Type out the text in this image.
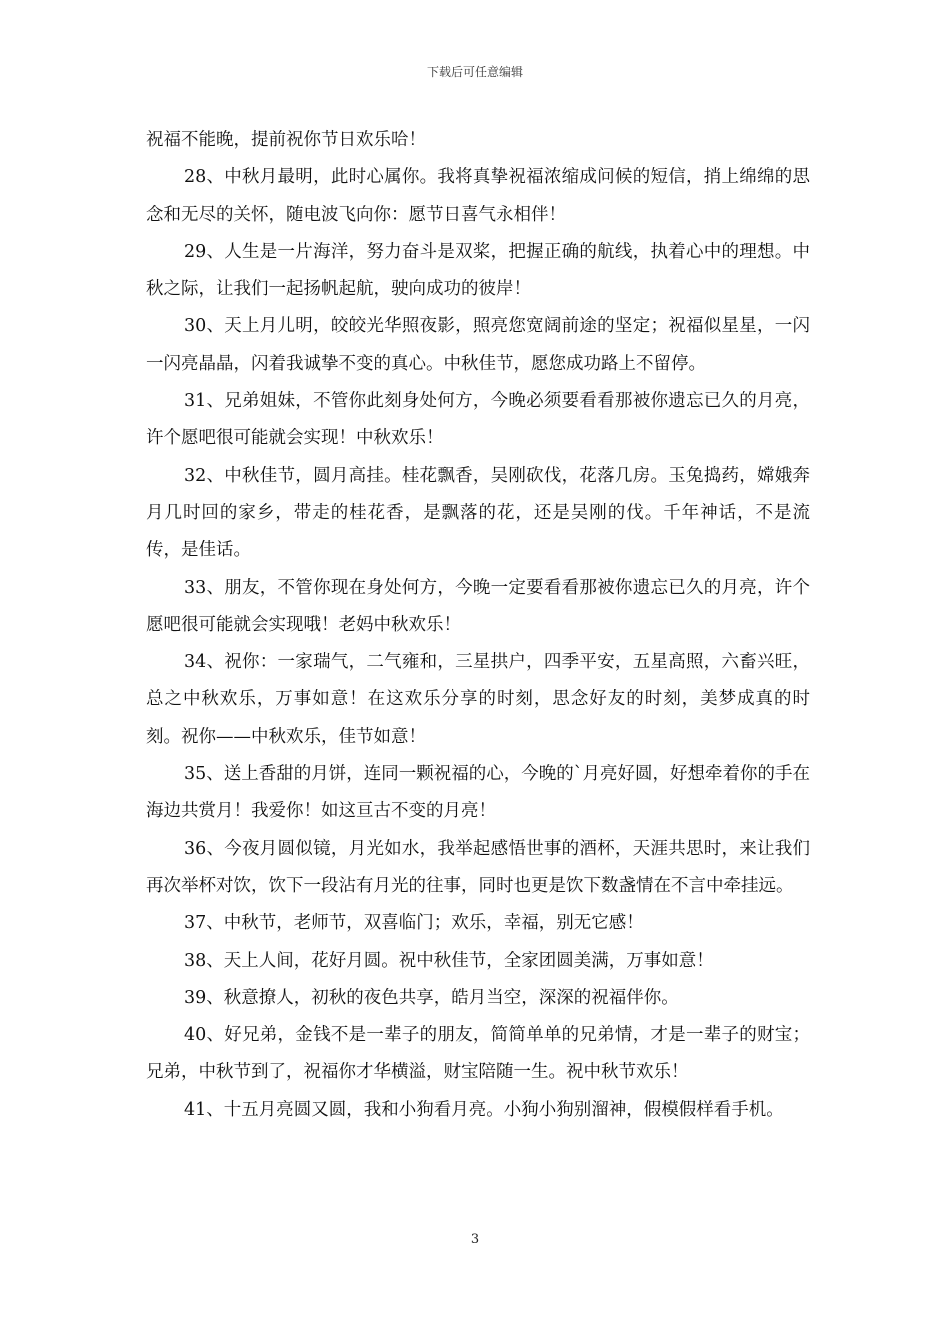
下载后可任意编辑

祝福不能晚，提前祝你节日欢乐哈！

28、中秋月最明，此时心属你。我将真挚祝福浓缩成问候的短信，捎上绵绵的思念和无尽的关怀，随电波飞向你：愿节日喜气永相伴！

29、人生是一片海洋，努力奋斗是双桨，把握正确的航线，执着心中的理想。中秋之际，让我们一起扬帆起航，驶向成功的彼岸！

30、天上月儿明，皎皎光华照夜影，照亮您宽阔前途的坚定；祝福似星星，一闪一闪亮晶晶，闪着我诚挚不变的真心。中秋佳节，愿您成功路上不留停。

31、兄弟姐妹，不管你此刻身处何方，今晚必须要看看那被你遗忘已久的月亮，许个愿吧很可能就会实现！中秋欢乐！

32、中秋佳节，圆月高挂。桂花飘香，吴刚砍伐，花落几房。玉兔捣药，嫦娥奔月几时回的家乡，带走的桂花香，是飘落的花，还是吴刚的伐。千年神话，不是流传，是佳话。

33、朋友，不管你现在身处何方，今晚一定要看看那被你遗忘已久的月亮，许个愿吧很可能就会实现哦！老妈中秋欢乐！

34、祝你：一家瑞气，二气雍和，三星拱户，四季平安，五星高照，六畜兴旺，总之中秋欢乐，万事如意！在这欢乐分享的时刻，思念好友的时刻，美梦成真的时刻。祝你——中秋欢乐，佳节如意！

35、送上香甜的月饼，连同一颗祝福的心，今晚的`月亮好圆，好想牵着你的手在海边共赏月！我爱你！如这亘古不变的月亮！

36、今夜月圆似镜，月光如水，我举起感悟世事的酒杯，天涯共思时，来让我们再次举杯对饮，饮下一段沾有月光的往事，同时也更是饮下数盏情在不言中牵挂远。

37、中秋节，老师节，双喜临门；欢乐，幸福，别无它感！

38、天上人间，花好月圆。祝中秋佳节，全家团圆美满，万事如意！

39、秋意撩人，初秋的夜色共享，皓月当空，深深的祝福伴你。

40、好兄弟，金钱不是一辈子的朋友，简简单单的兄弟情，才是一辈子的财宝；兄弟，中秋节到了，祝福你才华横溢，财宝陪随一生。祝中秋节欢乐！

41、十五月亮圆又圆，我和小狗看月亮。小狗小狗别溜神，假模假样看手机。

3
